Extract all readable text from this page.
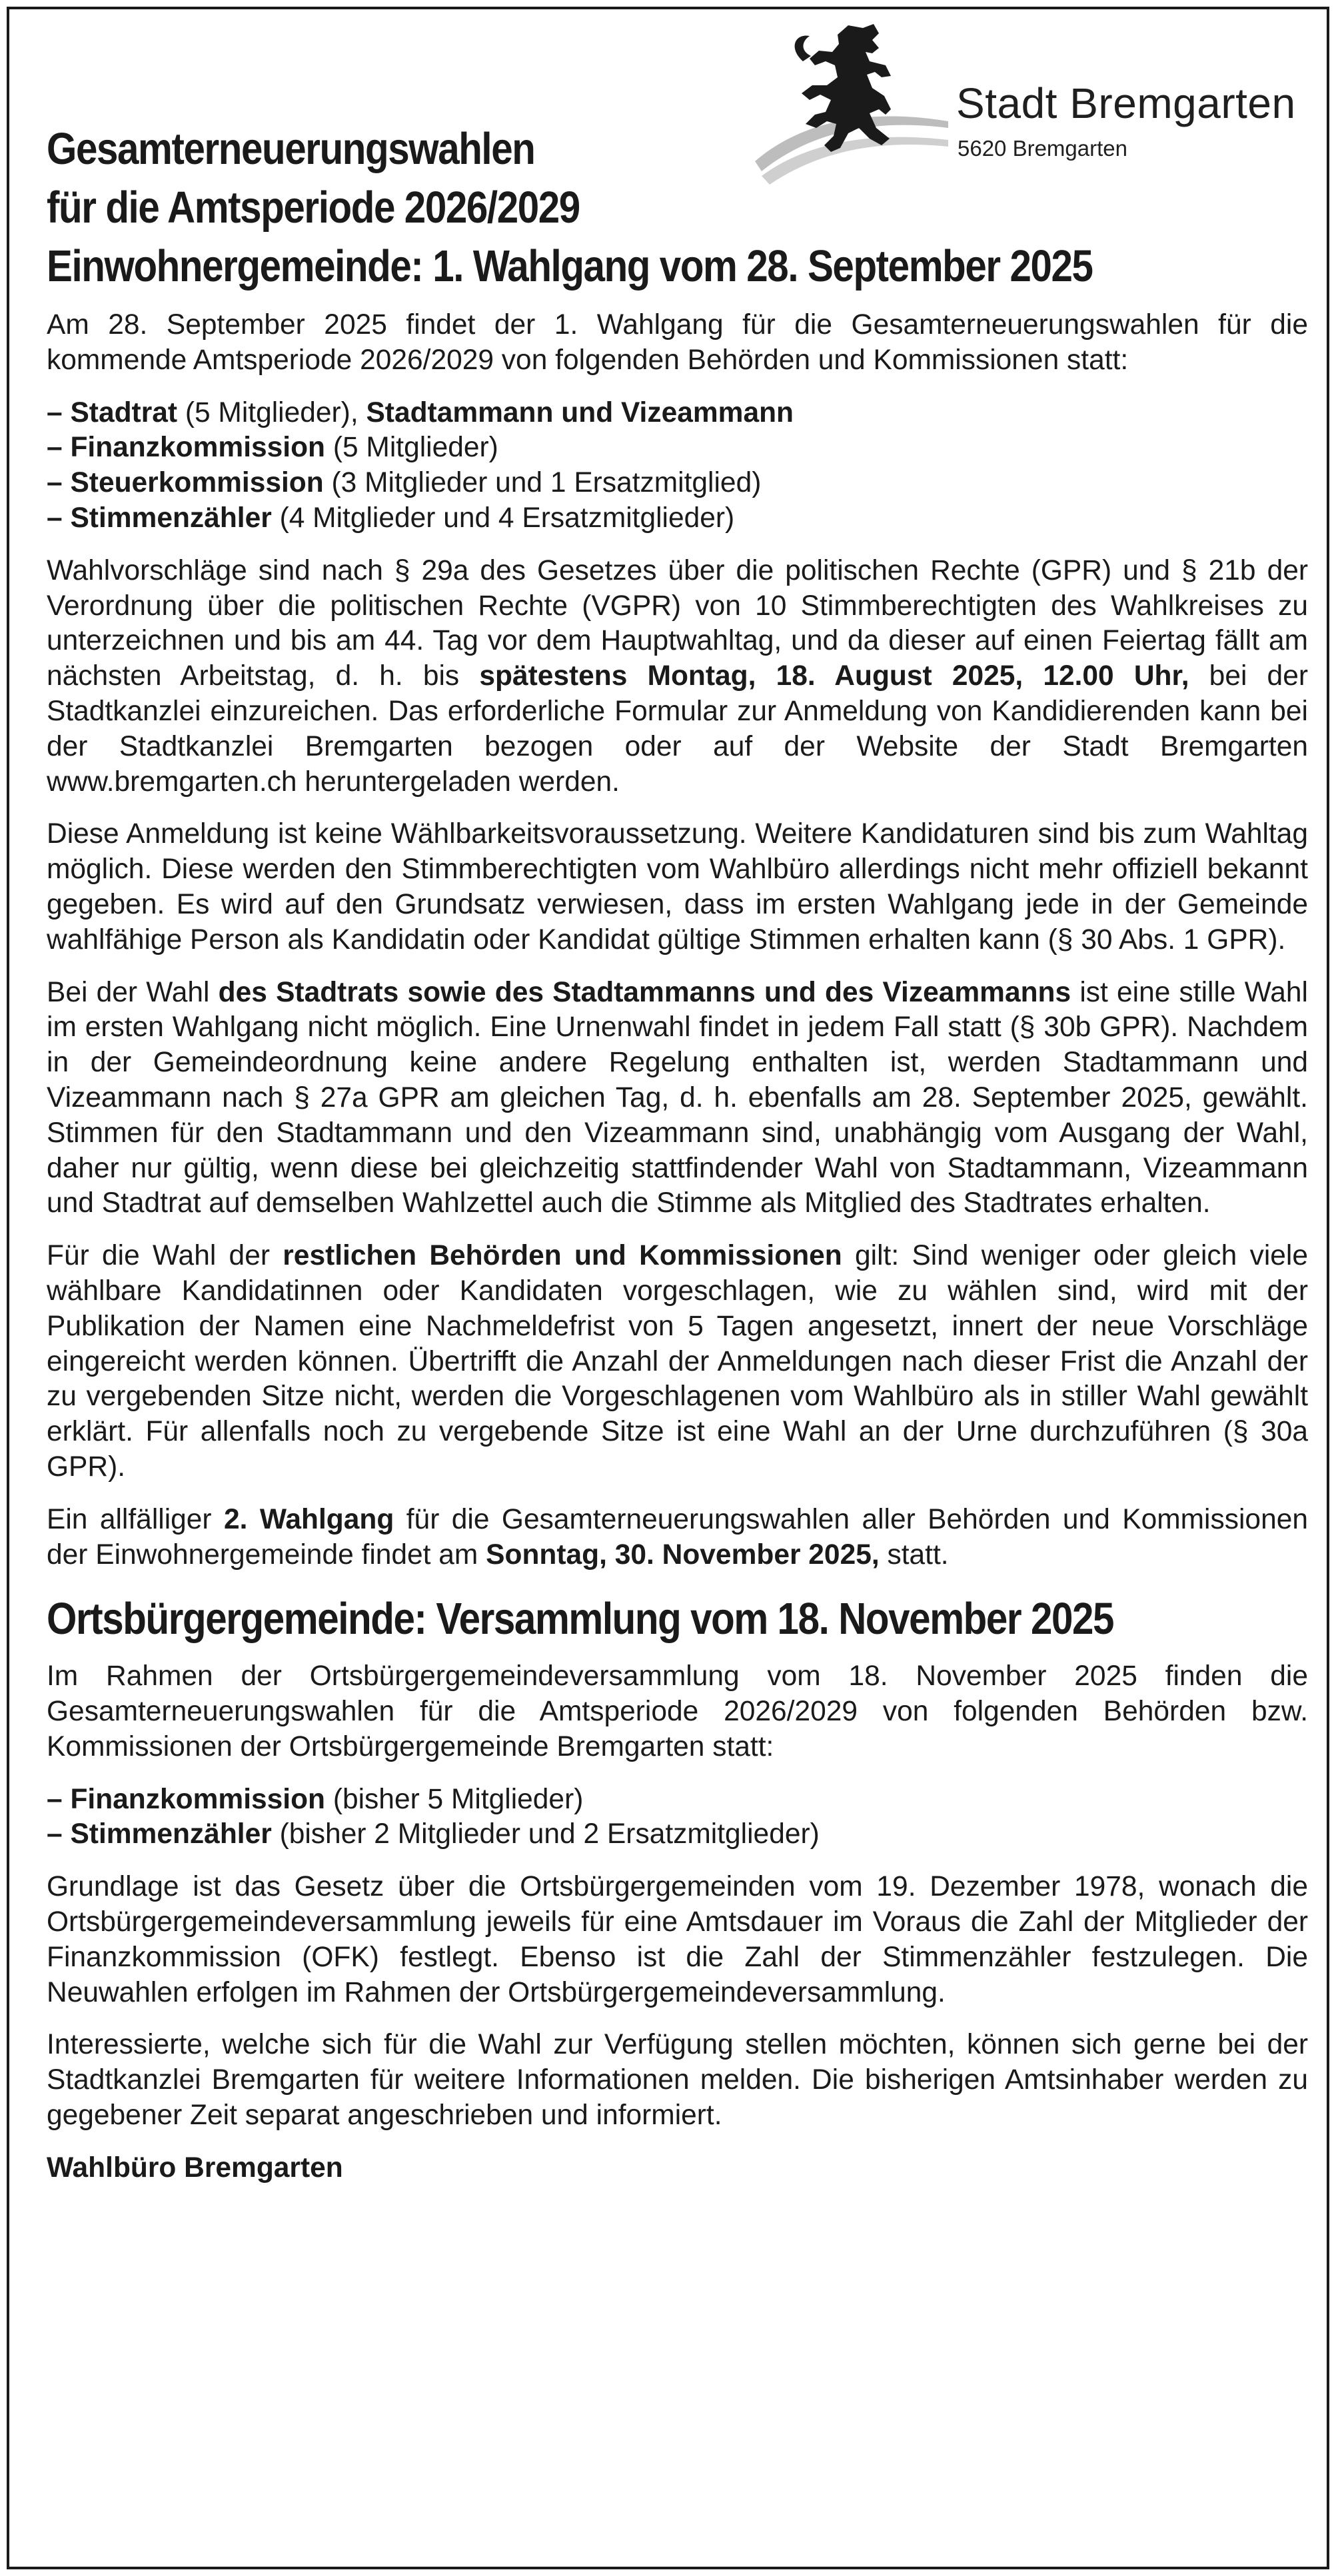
Stadt Bremgarten
5620 Bremgarten
Gesamterneuerungswahlen
für die Amtsperiode 2026/2029
Einwohnergemeinde: 1. Wahlgang vom 28. September 2025

Am 28. September 2025 findet der 1. Wahlgang für die Gesamterneuerungswahlen für die kommende Amtsperiode 2026/2029 von folgenden Behörden und Kommissionen statt:

– Stadtrat (5 Mitglieder), Stadtammann und Vizeammann
– Finanzkommission (5 Mitglieder)
– Steuerkommission (3 Mitglieder und 1 Ersatzmitglied)
– Stimmenzähler (4 Mitglieder und 4 Ersatzmitglieder)

Wahlvorschläge sind nach § 29a des Gesetzes über die politischen Rechte (GPR) und § 21b der Verordnung über die politischen Rechte (VGPR) von 10 Stimmberechtigten des Wahlkreises zu unterzeichnen und bis am 44. Tag vor dem Hauptwahltag, und da dieser auf einen Feiertag fällt am nächsten Arbeitstag, d. h. bis spätestens Montag, 18. August 2025, 12.00 Uhr, bei der Stadtkanzlei einzureichen. Das erforderliche Formular zur Anmeldung von Kandidierenden kann bei der Stadtkanzlei Bremgarten bezogen oder auf der Website der Stadt Bremgarten www.bremgarten.ch heruntergeladen werden.

Diese Anmeldung ist keine Wählbarkeitsvoraussetzung. Weitere Kandidaturen sind bis zum Wahltag möglich. Diese werden den Stimmberechtigten vom Wahlbüro allerdings nicht mehr offiziell bekannt gegeben. Es wird auf den Grundsatz verwiesen, dass im ersten Wahlgang jede in der Gemeinde wahlfähige Person als Kandidatin oder Kandidat gültige Stimmen erhalten kann (§ 30 Abs. 1 GPR).

Bei der Wahl des Stadtrats sowie des Stadtammanns und des Vizeammanns ist eine stille Wahl im ersten Wahlgang nicht möglich. Eine Urnenwahl findet in jedem Fall statt (§ 30b GPR). Nachdem in der Gemeindeordnung keine andere Regelung enthalten ist, werden Stadtammann und Vizeammann nach § 27a GPR am gleichen Tag, d. h. ebenfalls am 28. September 2025, gewählt. Stimmen für den Stadtammann und den Vizeammann sind, unabhängig vom Ausgang der Wahl, daher nur gültig, wenn diese bei gleichzeitig stattfindender Wahl von Stadtammann, Vizeammann und Stadtrat auf demselben Wahlzettel auch die Stimme als Mitglied des Stadtrates erhalten.

Für die Wahl der restlichen Behörden und Kommissionen gilt: Sind weniger oder gleich viele wählbare Kandidatinnen oder Kandidaten vorgeschlagen, wie zu wählen sind, wird mit der Publikation der Namen eine Nachmeldefrist von 5 Tagen angesetzt, innert der neue Vorschläge eingereicht werden können. Übertrifft die Anzahl der Anmeldungen nach dieser Frist die Anzahl der zu vergebenden Sitze nicht, werden die Vorgeschlagenen vom Wahlbüro als in stiller Wahl gewählt erklärt. Für allenfalls noch zu vergebende Sitze ist eine Wahl an der Urne durchzuführen (§ 30a GPR).

Ein allfälliger 2. Wahlgang für die Gesamterneuerungswahlen aller Behörden und Kommissionen der Einwohnergemeinde findet am Sonntag, 30. November 2025, statt.

Ortsbürgergemeinde: Versammlung vom 18. November 2025

Im Rahmen der Ortsbürgergemeindeversammlung vom 18. November 2025 finden die Gesamterneuerungswahlen für die Amtsperiode 2026/2029 von folgenden Behörden bzw. Kommissionen der Ortsbürgergemeinde Bremgarten statt:

– Finanzkommission (bisher 5 Mitglieder)
– Stimmenzähler (bisher 2 Mitglieder und 2 Ersatzmitglieder)

Grundlage ist das Gesetz über die Ortsbürgergemeinden vom 19. Dezember 1978, wonach die Ortsbürgergemeindeversammlung jeweils für eine Amtsdauer im Voraus die Zahl der Mitglieder der Finanzkommission (OFK) festlegt. Ebenso ist die Zahl der Stimmenzähler festzulegen. Die Neuwahlen erfolgen im Rahmen der Ortsbürgergemeindeversammlung.

Interessierte, welche sich für die Wahl zur Verfügung stellen möchten, können sich gerne bei der Stadtkanzlei Bremgarten für weitere Informationen melden. Die bisherigen Amtsinhaber werden zu gegebener Zeit separat angeschrieben und informiert.

Wahlbüro Bremgarten
